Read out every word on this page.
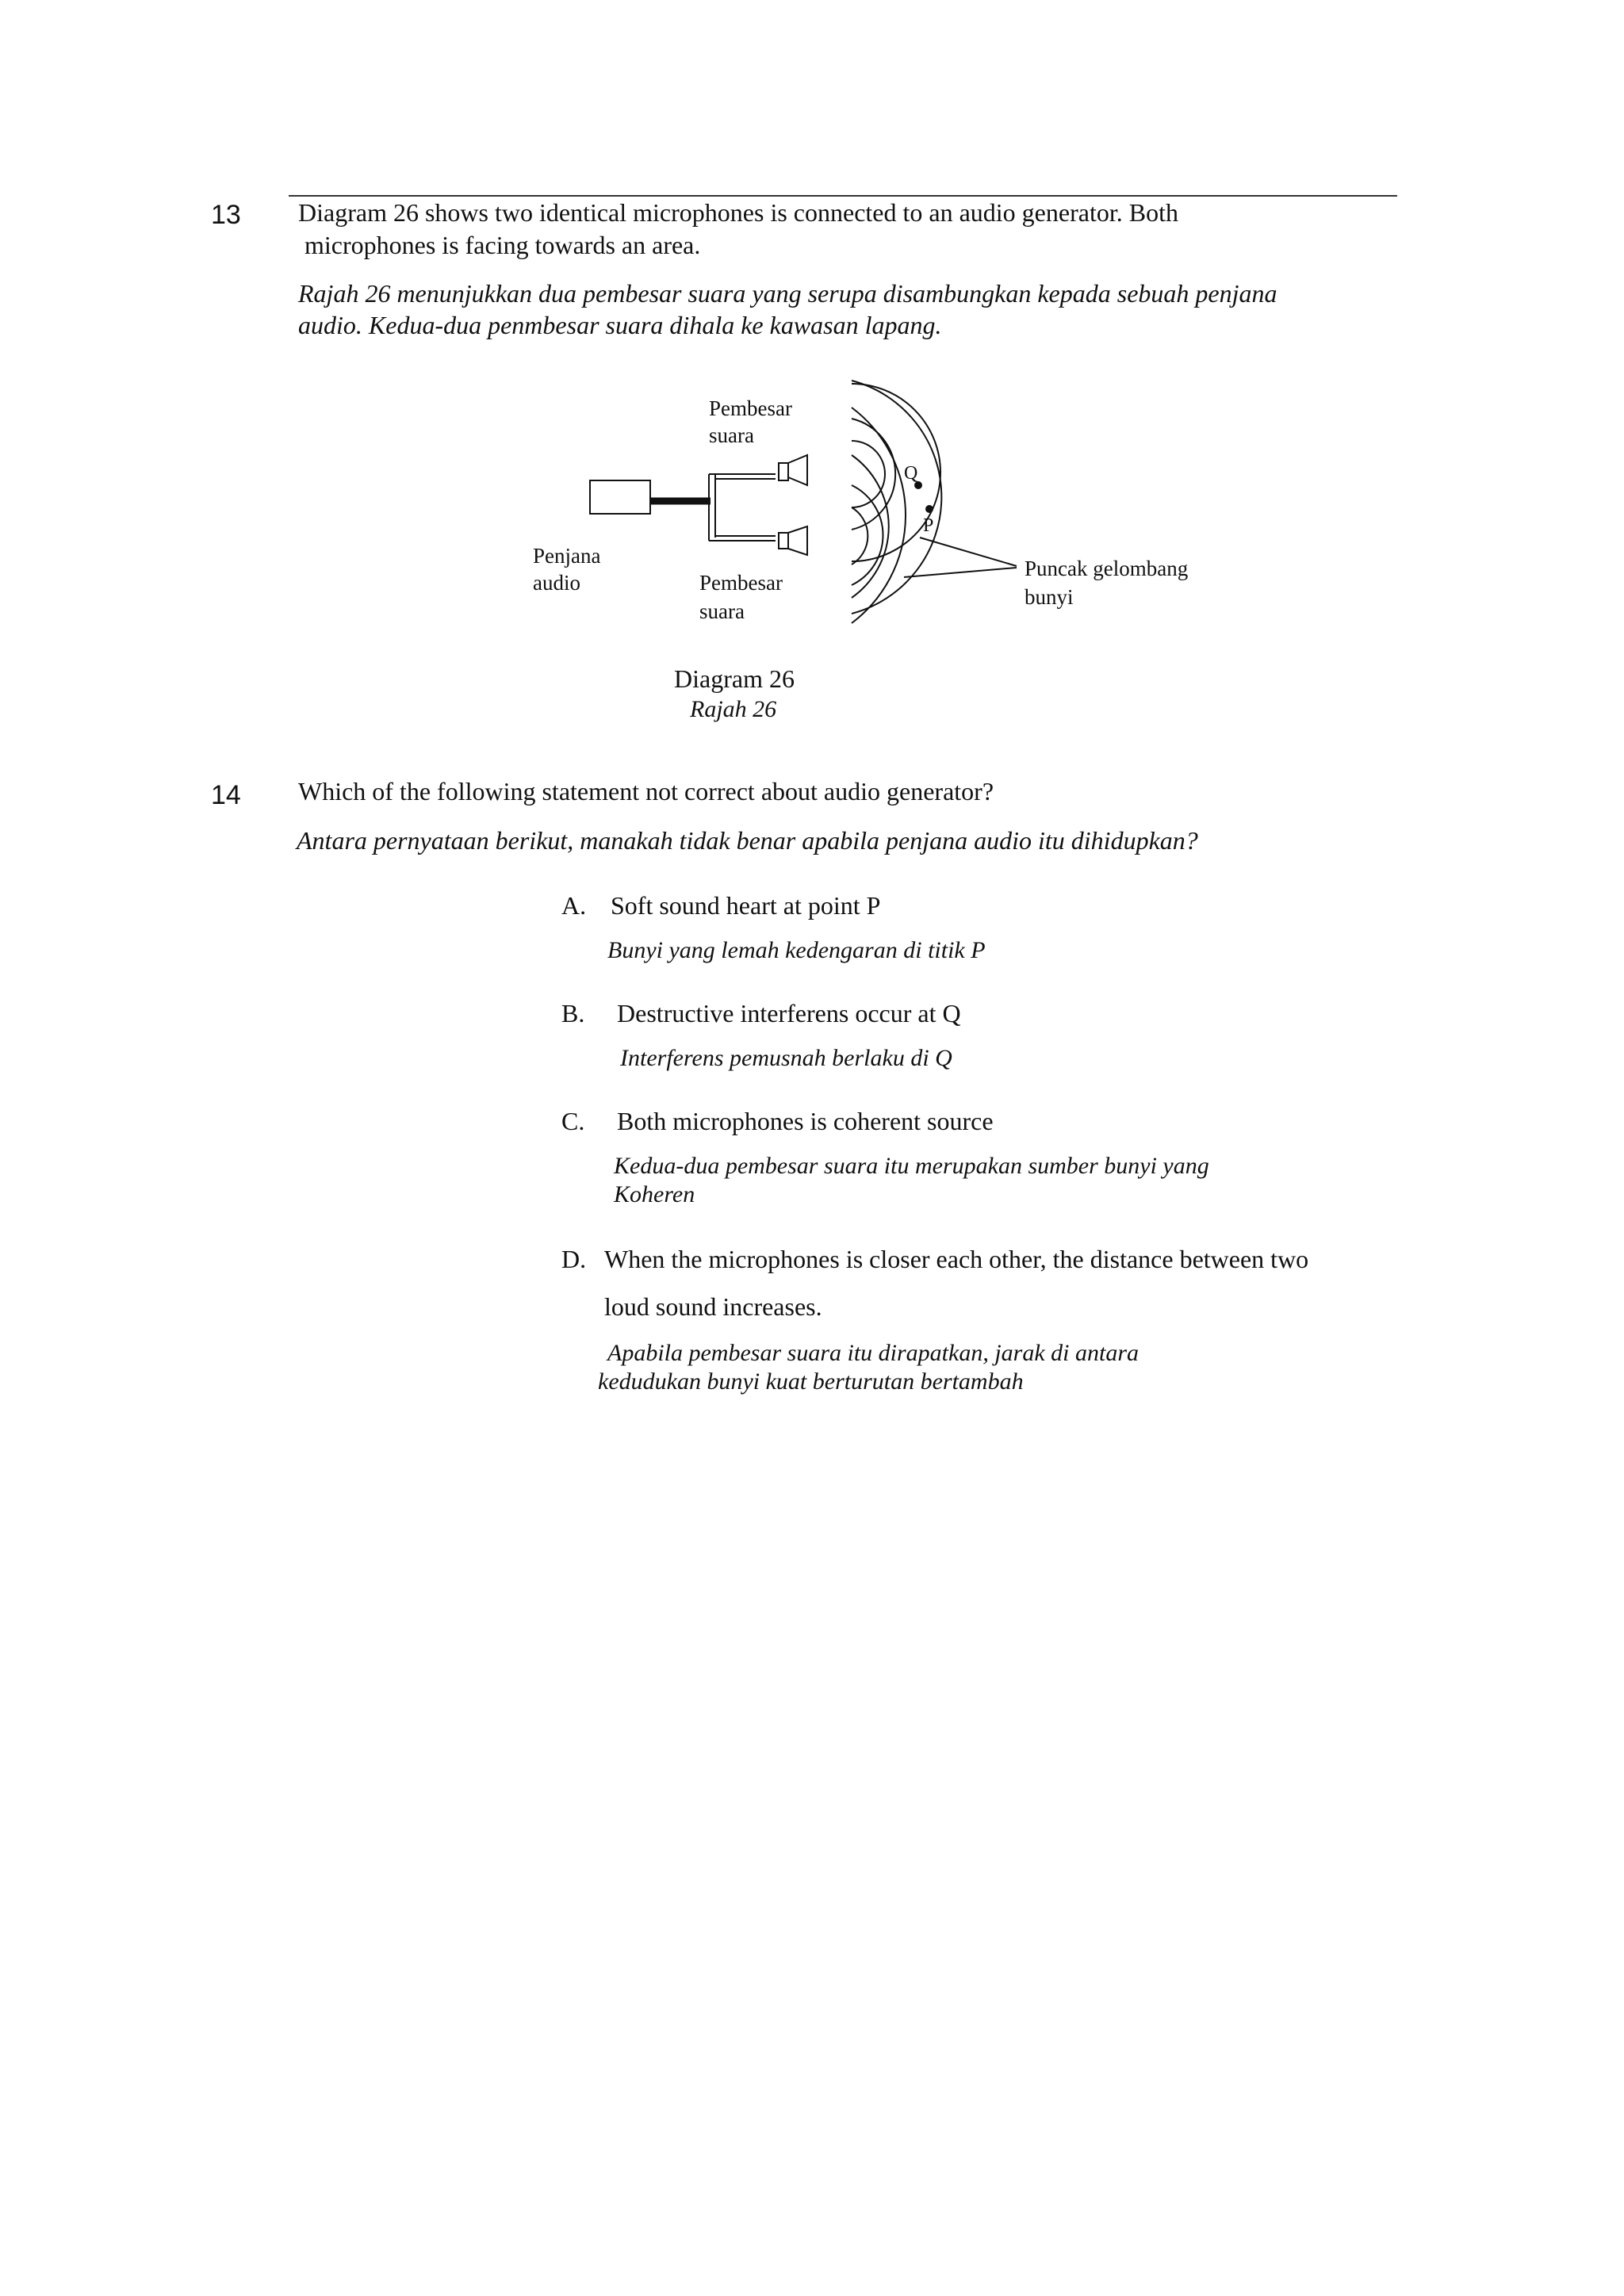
13 Diagram 26 shows two identical microphones is connected to an audio generator. Both
microphones is facing towards an area.
Rajah 26 menunjukkan dua pembesar suara yang serupa disambungkan kepada sebuah penjana
audio. Kedua-dua penmbesar suara dihala ke kawasan lapang.
Q
P
Pembesar
suara
Penjana
audio	Pembesar
suara
Puncak gelombang
bunyi
Diagram 26
Rajah 26
14 Which of the following statement not correct about audio generator?
Antara pernyataan berikut, manakah tidak benar apabila penjana audio itu dihidupkan?
A. Soft sound heart at point P
Bunyi yang lemah kedengaran di titik P
B. Destructive interferens occur at Q
Interferens pemusnah berlaku di Q
C. Both microphones is coherent source
Kedua-dua pembesar suara itu merupakan sumber bunyi yang
Koheren
D. When the microphones is closer each other, the distance between two
loud sound increases.
Apabila pembesar suara itu dirapatkan, jarak di antara
kedudukan bunyi kuat berturutan bertambah
